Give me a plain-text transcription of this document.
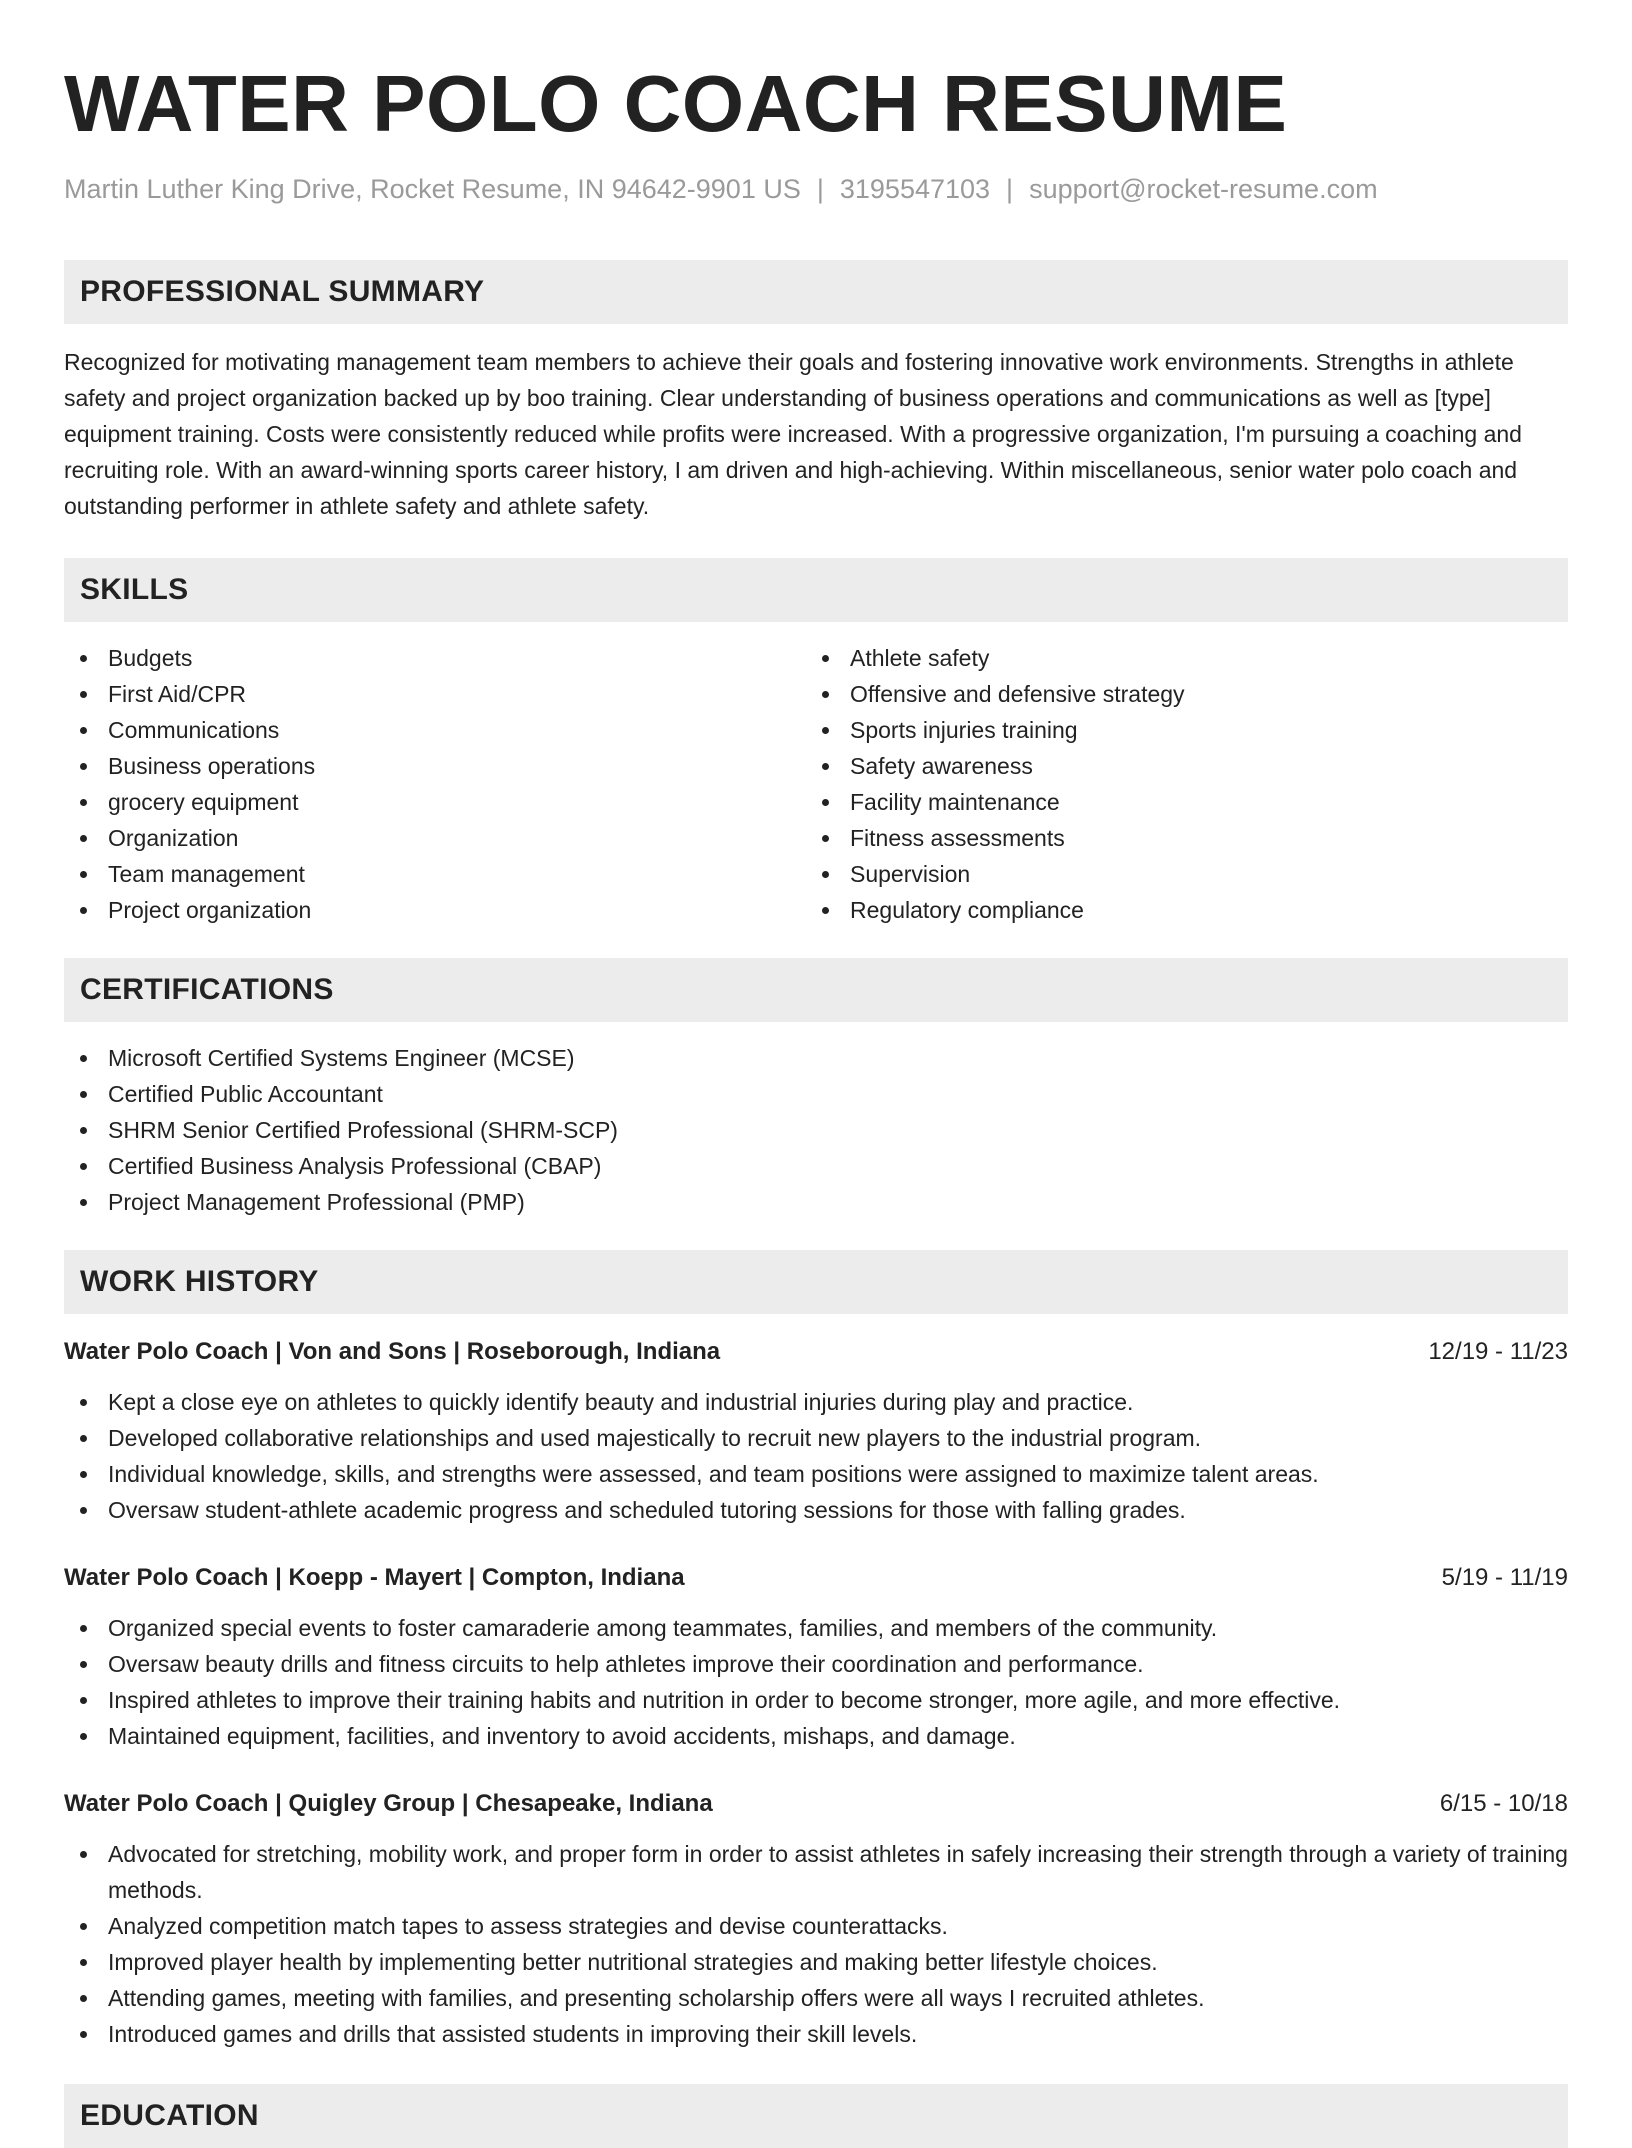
WATER POLO COACH RESUME
Martin Luther King Drive, Rocket Resume, IN 94642-9901 US | 3195547103 | support@rocket-resume.com
PROFESSIONAL SUMMARY

Recognized for motivating management team members to achieve their goals and fostering innovative work environments. Strengths in athlete safety and project organization backed up by boo training. Clear understanding of business operations and communications as well as [type] equipment training. Costs were consistently reduced while profits were increased. With a progressive organization, I'm pursuing a coaching and recruiting role. With an award-winning sports career history, I am driven and high-achieving. Within miscellaneous, senior water polo coach and outstanding performer in athlete safety and athlete safety.

SKILLS
Budgets
First Aid/CPR
Communications
Business operations
grocery equipment
Organization
Team management
Project organization
Athlete safety
Offensive and defensive strategy
Sports injuries training
Safety awareness
Facility maintenance
Fitness assessments
Supervision
Regulatory compliance
CERTIFICATIONS
Microsoft Certified Systems Engineer (MCSE)
Certified Public Accountant
SHRM Senior Certified Professional (SHRM-SCP)
Certified Business Analysis Professional (CBAP)
Project Management Professional (PMP)
WORK HISTORY
Water Polo Coach | Von and Sons | Roseborough, Indiana	12/19 - 11/23
Kept a close eye on athletes to quickly identify beauty and industrial injuries during play and practice.
Developed collaborative relationships and used majestically to recruit new players to the industrial program.
Individual knowledge, skills, and strengths were assessed, and team positions were assigned to maximize talent areas.
Oversaw student-athlete academic progress and scheduled tutoring sessions for those with falling grades.
Water Polo Coach | Koepp - Mayert | Compton, Indiana	5/19 - 11/19
Organized special events to foster camaraderie among teammates, families, and members of the community.
Oversaw beauty drills and fitness circuits to help athletes improve their coordination and performance.
Inspired athletes to improve their training habits and nutrition in order to become stronger, more agile, and more effective.
Maintained equipment, facilities, and inventory to avoid accidents, mishaps, and damage.
Water Polo Coach | Quigley Group | Chesapeake, Indiana	6/15 - 10/18
Advocated for stretching, mobility work, and proper form in order to assist athletes in safely increasing their strength through a variety of training methods.
Analyzed competition match tapes to assess strategies and devise counterattacks.
Improved player health by implementing better nutritional strategies and making better lifestyle choices.
Attending games, meeting with families, and presenting scholarship offers were all ways I recruited athletes.
Introduced games and drills that assisted students in improving their skill levels.
EDUCATION
